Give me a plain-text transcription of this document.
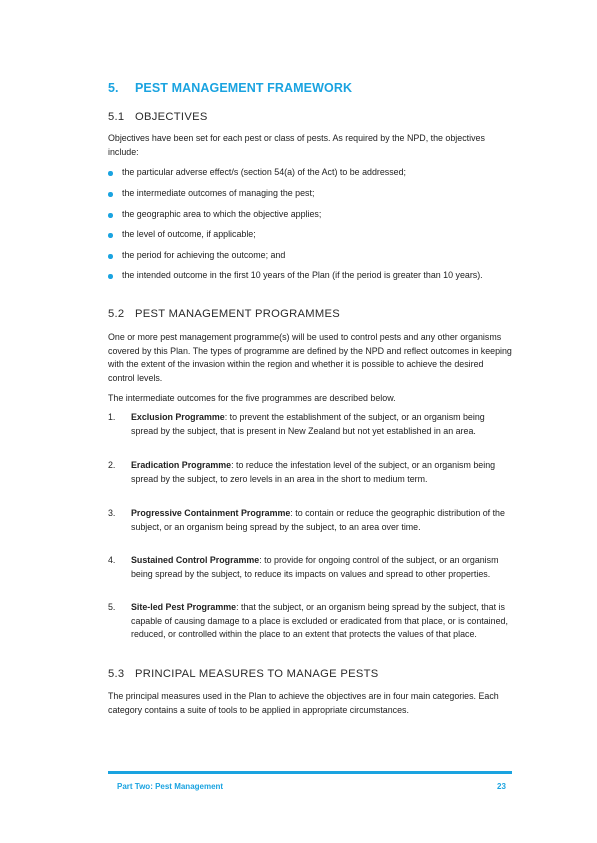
5. PEST MANAGEMENT FRAMEWORK
5.1 OBJECTIVES
Objectives have been set for each pest or class of pests. As required by the NPD, the objectives include:
the particular adverse effect/s (section 54(a) of the Act) to be addressed;
the intermediate outcomes of managing the pest;
the geographic area to which the objective applies;
the level of outcome, if applicable;
the period for achieving the outcome; and
the intended outcome in the first 10 years of the Plan (if the period is greater than 10 years).
5.2 PEST MANAGEMENT PROGRAMMES
One or more pest management programme(s) will be used to control pests and any other organisms covered by this Plan. The types of programme are defined by the NPD and reflect outcomes in keeping with the extent of the invasion within the region and whether it is possible to achieve the desired control levels.
The intermediate outcomes for the five programmes are described below.
1. Exclusion Programme: to prevent the establishment of the subject, or an organism being spread by the subject, that is present in New Zealand but not yet established in an area.
2. Eradication Programme: to reduce the infestation level of the subject, or an organism being spread by the subject, to zero levels in an area in the short to medium term.
3. Progressive Containment Programme: to contain or reduce the geographic distribution of the subject, or an organism being spread by the subject, to an area over time.
4. Sustained Control Programme: to provide for ongoing control of the subject, or an organism being spread by the subject, to reduce its impacts on values and spread to other properties.
5. Site-led Pest Programme: that the subject, or an organism being spread by the subject, that is capable of causing damage to a place is excluded or eradicated from that place, or is contained, reduced, or controlled within the place to an extent that protects the values of that place.
5.3 PRINCIPAL MEASURES TO MANAGE PESTS
The principal measures used in the Plan to achieve the objectives are in four main categories. Each category contains a suite of tools to be applied in appropriate circumstances.
Part Two: Pest Management	23
